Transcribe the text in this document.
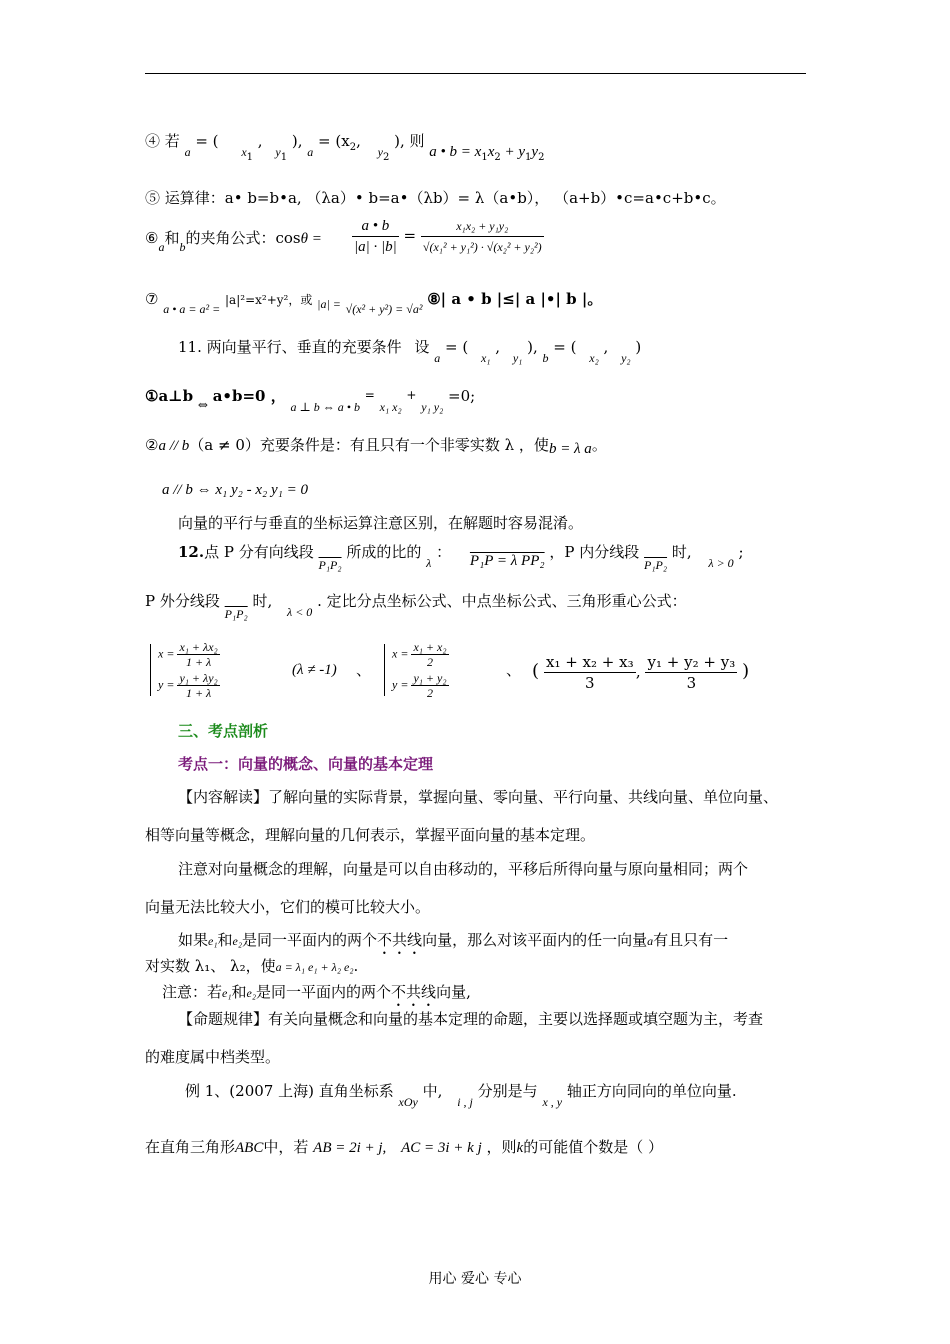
④ 若 $_a$ = ( $_{x1}$ , $_{y1}$ ), $_a = (x_2$, $_{y2}$ ), 则 a • $b = x_1x_2 + y_1y_2$
⑤ 运算律：a• b=b•a, （λa）• b=a•（λb）= λ（a•b）， （a+b）•c=a•c+b•c。
$⑥_a$和$_b$的夹角公式：$\cos\theta = \frac{a • b}{|a| \cdot |b|} = \frac{\text{x₁x₂ + y₁y₂}}{\text{√(x₁² + y₁²) · √(x₂² + y₂²)}}$
⑦ $_{a • a = a^2 =}$ |a|²=x²+y²，或 $_{|a| =}$ $_{√(x^2 + y^2) = √a^2}$ ⑧| a • b |≤| a |•| b |。
11. 两向量平行、垂直的充要条件 设 $_a$ = ( $_{x_1}$ , $_{y_1}$ ), $_b$ = ( $_{x_2}$ , $_{y_2}$ )
①a⊥b $_\Leftrightarrow$ a•b=0 ， $_{a \perp b \Leftrightarrow a • b}$ = $_{x_1 x_2}$ + $_{y_1 y_2}$ =0;
②a // b（a ≠ 0）充要条件是：有且只有一个非零实数 λ ，使b = λ a。
a // b ⇔ x₁ y₂ - x₂ y₁ = 0
向量的平行与垂直的坐标运算注意区别，在解题时容易混淆。
12.点 P 分有向线段 $_{P_1P_2}$ 所成的比的 $_\lambda$ ： P₁P = λ PP₂ ，P 内分线段 $_{P_1P_2}$ 时, $_{\lambda > 0}$ ;
P 外分线段 $_{P_1P_2}$ 时, $_{\lambda < 0}$ . 定比分点坐标公式、中点坐标公式、三角形重心公式：
$x = \frac{\text{x₁ + λx₂}}{1 + \lambda}$
$y = \frac{\text{y₁ + λy₂}}{1 + \lambda}$
(λ ≠ -1) 、
$x = \frac{\text{x₁ + x₂}}{2}$
$y = \frac{\text{y₁ + y₂}}{2}$
、 ( $\frac{\text{x₁ + x₂ + x₃}}{3}$ , $\frac{\text{y₁ + y₂ + y₃}}{3}$ )
三、考点剖析
考点一：向量的概念、向量的基本定理
【内容解读】了解向量的实际背景，掌握向量、零向量、平行向量、共线向量、单位向量、
相等向量等概念，理解向量的几何表示，掌握平面向量的基本定理。
注意对向量概念的理解，向量是可以自由移动的，平移后所得向量与原向量相同；两个
向量无法比较大小，它们的模可比较大小。
如果e₁和e₂是同一平面内的两个不共线向量，那么对该平面内的任一向量a有且只有一
对实数 λ₁、 λ₂，使a = λ₁ e₁ + λ₂ e₂.
注意：若e₁和e₂是同一平面内的两个不共线向量,
【命题规律】有关向量概念和向量的基本定理的命题，主要以选择题或填空题为主，考查
的难度属中档类型。
例 1、(2007 上海) 直角坐标系 $_{xOy}$ 中, $_{i , j}$ 分别是与 $_{x , y}$ 轴正方向同向的单位向量.
在直角三角形ABC中，若 AB = 2i + j, AC = 3i + k j ，则k的可能值个数是（ ）
用心 爱心 专心
